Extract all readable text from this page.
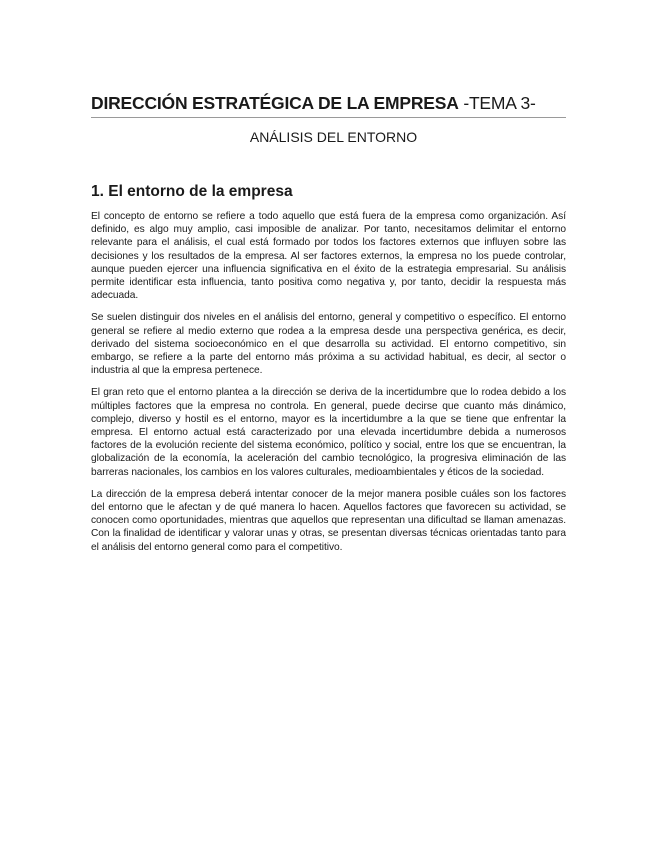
DIRECCIÓN ESTRATÉGICA DE LA EMPRESA -TEMA 3-
ANÁLISIS DEL ENTORNO
1. El entorno de la empresa

El concepto de entorno se refiere a todo aquello que está fuera de la empresa como organización. Así definido, es algo muy amplio, casi imposible de analizar. Por tanto, necesitamos delimitar el entorno relevante para el análisis, el cual está formado por todos los factores externos que influyen sobre las decisiones y los resultados de la empresa. Al ser factores externos, la empresa no los puede controlar, aunque pueden ejercer una influencia significativa en el éxito de la estrategia empresarial. Su análisis permite identificar esta influencia, tanto positiva como negativa y, por tanto, decidir la respuesta más adecuada.

Se suelen distinguir dos niveles en el análisis del entorno, general y competitivo o específico. El entorno general se refiere al medio externo que rodea a la empresa desde una perspectiva genérica, es decir, derivado del sistema socioeconómico en el que desarrolla su actividad. El entorno competitivo, sin embargo, se refiere a la parte del entorno más próxima a su actividad habitual, es decir, al sector o industria al que la empresa pertenece.

El gran reto que el entorno plantea a la dirección se deriva de la incertidumbre que lo rodea debido a los múltiples factores que la empresa no controla. En general, puede decirse que cuanto más dinámico, complejo, diverso y hostil es el entorno, mayor es la incertidumbre a la que se tiene que enfrentar la empresa. El entorno actual está caracterizado por una elevada incertidumbre debida a numerosos factores de la evolución reciente del sistema económico, político y social, entre los que se encuentran, la globalización de la economía, la aceleración del cambio tecnológico, la progresiva eliminación de las barreras nacionales, los cambios en los valores culturales, medioambientales y éticos de la sociedad.

La dirección de la empresa deberá intentar conocer de la mejor manera posible cuáles son los factores del entorno que le afectan y de qué manera lo hacen. Aquellos factores que favorecen su actividad, se conocen como oportunidades, mientras que aquellos que representan una dificultad se llaman amenazas. Con la finalidad de identificar y valorar unas y otras, se presentan diversas técnicas orientadas tanto para el análisis del entorno general como para el competitivo.
